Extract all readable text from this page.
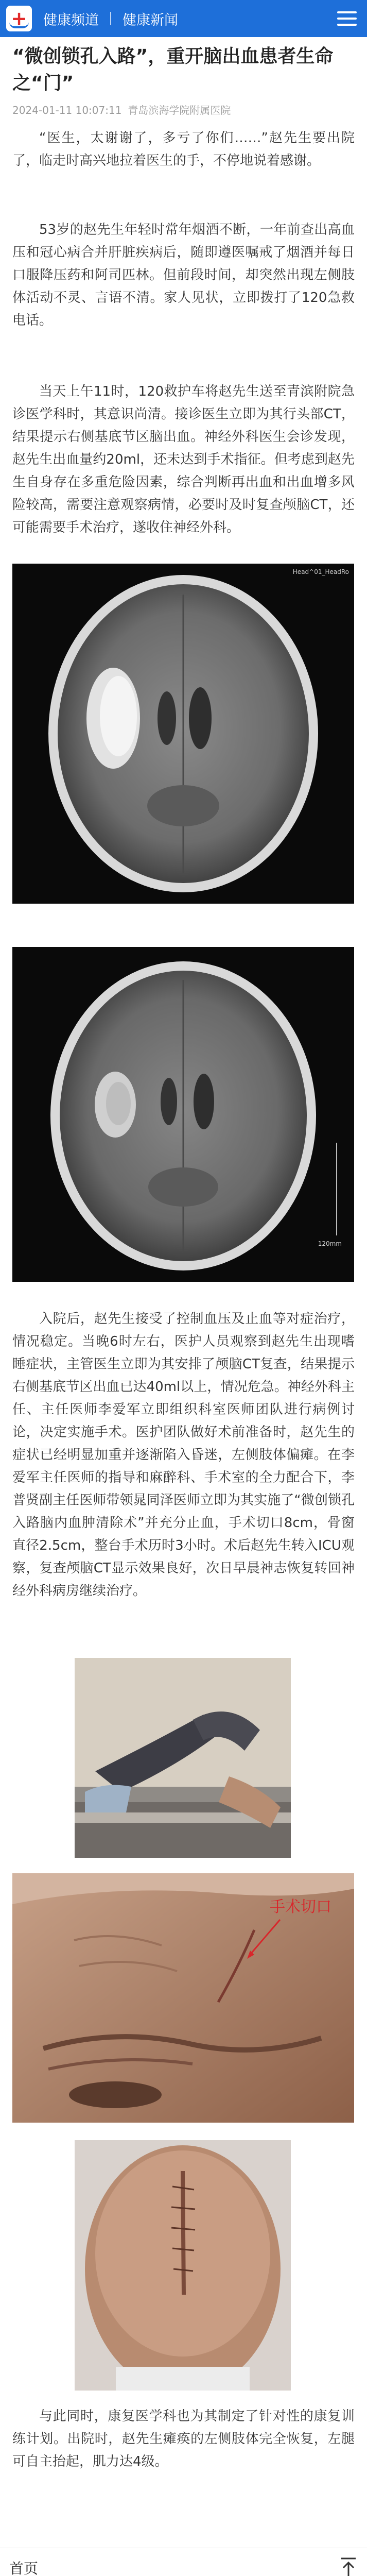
+ 健康频道 健康新闻
“微创锁孔入路”，重开脑出血患者生命之“门”
2024-01-11 10:07:11 青岛滨海学院附属医院

“医生，太谢谢了，多亏了你们……”赵先生要出院了，临走时高兴地拉着医生的手，不停地说着感谢。

53岁的赵先生年轻时常年烟酒不断，一年前查出高血压和冠心病合并肝脏疾病后，随即遵医嘱戒了烟酒并每日口服降压药和阿司匹林。但前段时间，却突然出现左侧肢体活动不灵、言语不清。家人见状，立即拨打了120急救电话。

当天上午11时，120救护车将赵先生送至青滨附院急诊医学科时，其意识尚清。接诊医生立即为其行头部CT，结果提示右侧基底节区脑出血。神经外科医生会诊发现，赵先生出血量约20ml，还未达到手术指征。但考虑到赵先生自身存在多重危险因素，综合判断再出血和出血增多风险较高，需要注意观察病情，必要时及时复查颅脑CT，还可能需要手术治疗，遂收住神经外科。

Head^01_HeadRo
120mm

入院后，赵先生接受了控制血压及止血等对症治疗，情况稳定。当晚6时左右，医护人员观察到赵先生出现嗜睡症状，主管医生立即为其安排了颅脑CT复查，结果提示右侧基底节区出血已达40ml以上，情况危急。神经外科主任、主任医师李爱军立即组织科室医师团队进行病例讨论，决定实施手术。医护团队做好术前准备时，赵先生的症状已经明显加重并逐渐陷入昏迷，左侧肢体偏瘫。在李爱军主任医师的指导和麻醉科、手术室的全力配合下，李普贤副主任医师带领晁同泽医师立即为其实施了“微创锁孔入路脑内血肿清除术”并充分止血，手术切口8cm，骨窗直径2.5cm，整台手术历时3小时。术后赵先生转入ICU观察，复查颅脑CT显示效果良好，次日早晨神志恢复转回神经外科病房继续治疗。

手术切口

与此同时，康复医学科也为其制定了针对性的康复训练计划。出院时，赵先生瘫痪的左侧肢体完全恢复，左腿可自主抬起，肌力达4级。

首页
